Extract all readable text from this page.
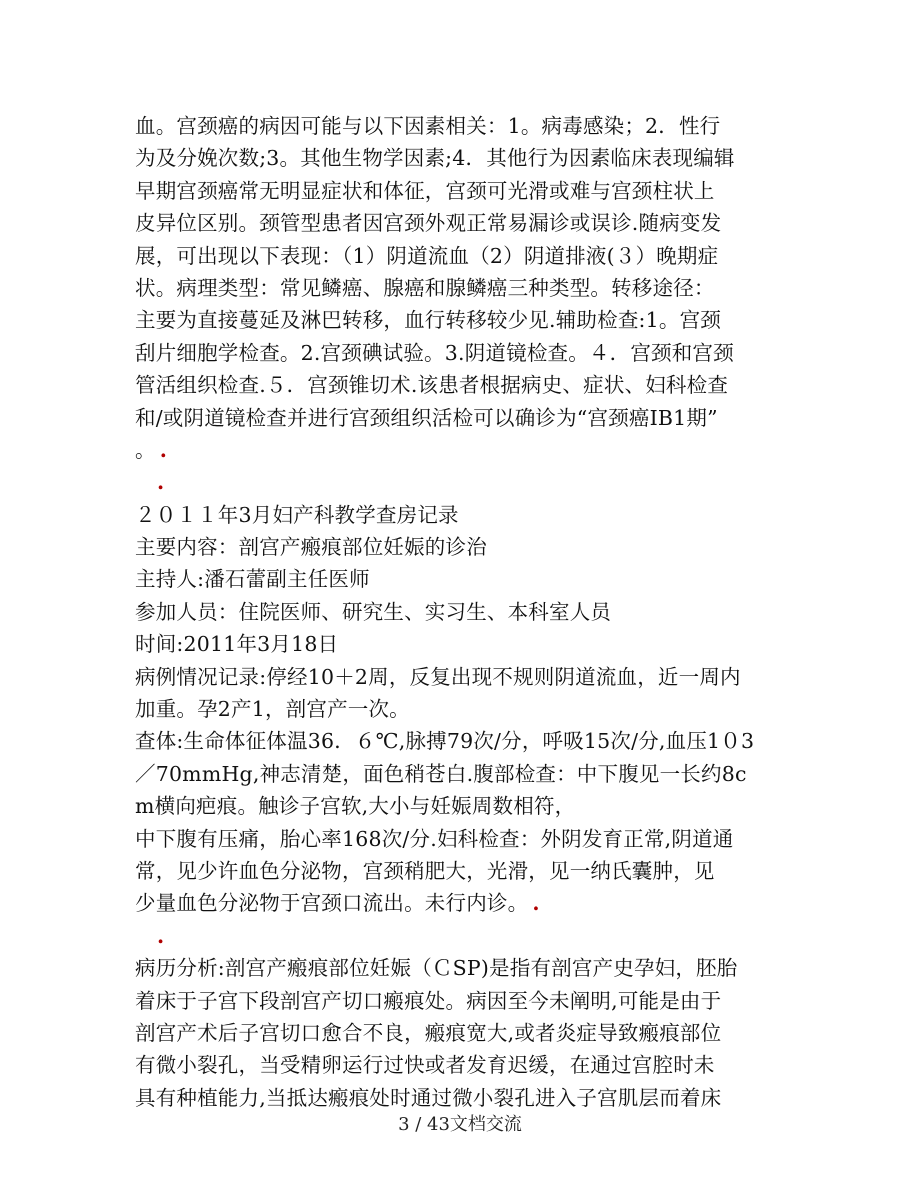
血。宫颈癌的病因可能与以下因素相关：1。病毒感染；2．性行
为及分娩次数;3。其他生物学因素;4．其他行为因素临床表现编辑
早期宫颈癌常无明显症状和体征，宫颈可光滑或难与宫颈柱状上
皮异位区别。颈管型患者因宫颈外观正常易漏诊或误诊.随病变发
展，可出现以下表现：（1）阴道流血（2）阴道排液(３）晚期症
状。病理类型：常见鳞癌、腺癌和腺鳞癌三种类型。转移途径：
主要为直接蔓延及淋巴转移，血行转移较少见.辅助检查:1。宫颈
刮片细胞学检查。2.宫颈碘试验。3.阴道镜检查。４．宫颈和宫颈
管活组织检查.５．宫颈锥切术.该患者根据病史、症状、妇科检查
和/或阴道镜检查并进行宫颈组织活检可以确诊为“宫颈癌ⅠB1期”
。 .
.
２０１１年3月妇产科教学查房记录
主要内容：剖宫产瘢痕部位妊娠的诊治
主持人:潘石蕾副主任医师
参加人员：住院医师、研究生、实习生、本科室人员
时间:2011年3月18日
病例情况记录:停经10＋2周，反复出现不规则阴道流血，近一周内
加重。孕2产1，剖宫产一次。
查体:生命体征体温36．６℃,脉搏79次/分，呼吸15次/分,血压1０3
／70mmHg,神志清楚，面色稍苍白.腹部检查：中下腹见一长约8c
m横向疤痕。触诊子宫软,大小与妊娠周数相符，
中下腹有压痛，胎心率168次/分.妇科检查：外阴发育正常,阴道通
常，见少许血色分泌物，宫颈稍肥大，光滑，见一纳氏囊肿，见
少量血色分泌物于宫颈口流出。未行内诊。 .
.
病历分析:剖宫产瘢痕部位妊娠（ＣSP)是指有剖宫产史孕妇，胚胎
着床于子宫下段剖宫产切口瘢痕处。病因至今未阐明,可能是由于
剖宫产术后子宫切口愈合不良，瘢痕宽大,或者炎症导致瘢痕部位
有微小裂孔，当受精卵运行过快或者发育迟缓，在通过宫腔时未
具有种植能力,当抵达瘢痕处时通过微小裂孔进入子宫肌层而着床
3 / 43文档交流
